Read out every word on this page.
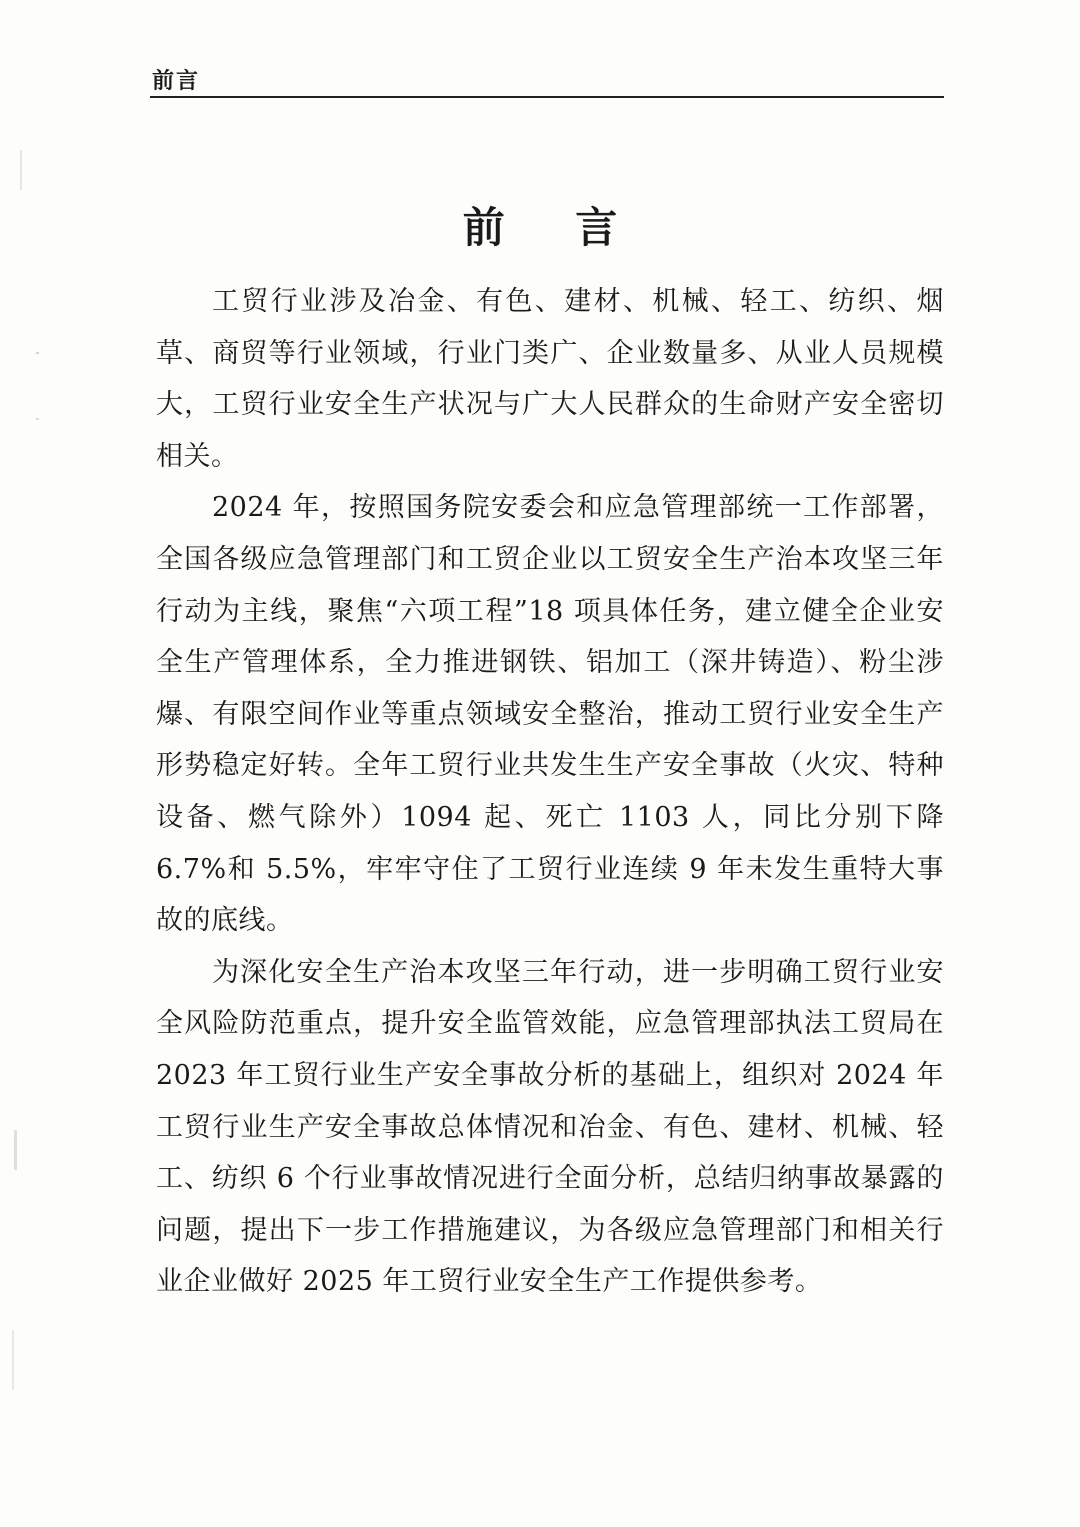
前言
前 言

工贸行业涉及冶金、有色、建材、机械、轻工、纺织、烟草、商贸等行业领域，行业门类广、企业数量多、从业人员规模大，工贸行业安全生产状况与广大人民群众的生命财产安全密切相关。

2024 年，按照国务院安委会和应急管理部统一工作部署，全国各级应急管理部门和工贸企业以工贸安全生产治本攻坚三年行动为主线，聚焦“六项工程”18 项具体任务，建立健全企业安全生产管理体系，全力推进钢铁、铝加工（深井铸造）、粉尘涉爆、有限空间作业等重点领域安全整治，推动工贸行业安全生产形势稳定好转。全年工贸行业共发生生产安全事故（火灾、特种设备、燃气除外）1094 起、死亡 1103 人，同比分别下降 6.7%和 5.5%，牢牢守住了工贸行业连续 9 年未发生重特大事故的底线。

为深化安全生产治本攻坚三年行动，进一步明确工贸行业安全风险防范重点，提升安全监管效能，应急管理部执法工贸局在 2023 年工贸行业生产安全事故分析的基础上，组织对 2024 年工贸行业生产安全事故总体情况和冶金、有色、建材、机械、轻工、纺织 6 个行业事故情况进行全面分析，总结归纳事故暴露的问题，提出下一步工作措施建议，为各级应急管理部门和相关行业企业做好 2025 年工贸行业安全生产工作提供参考。
